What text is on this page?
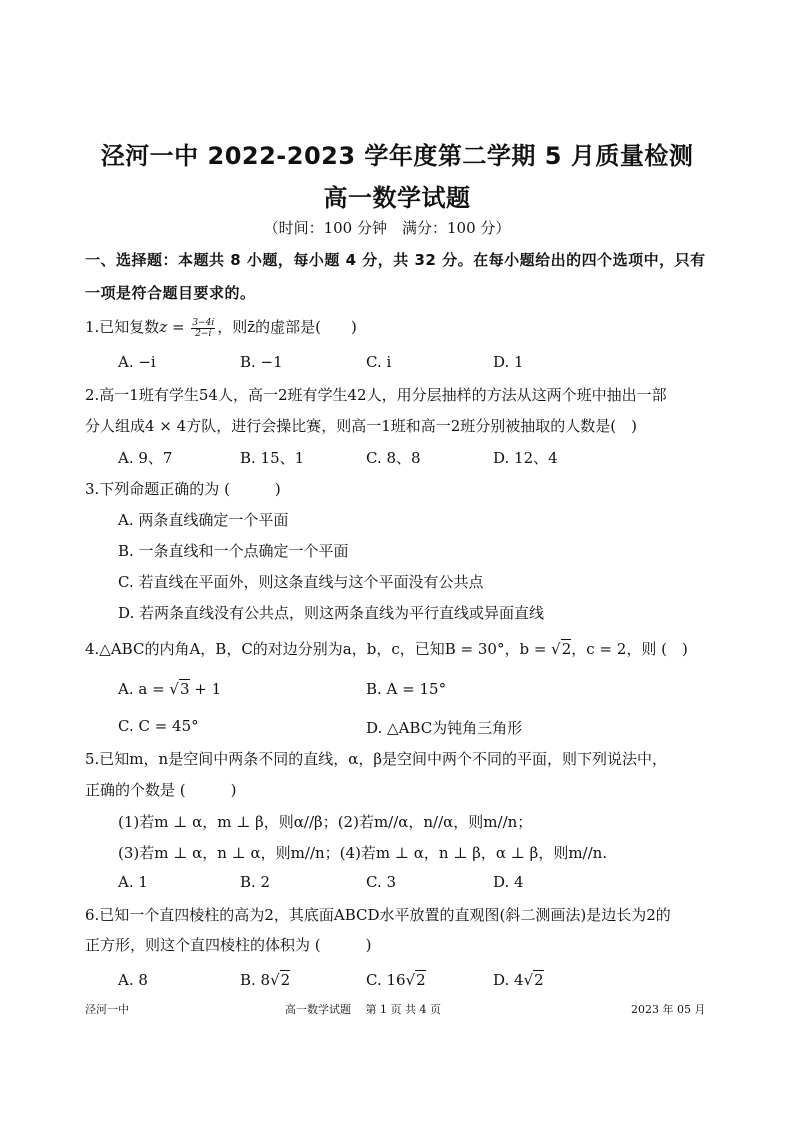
泾河一中 2022-2023 学年度第二学期 5 月质量检测
高一数学试题
（时间：100 分钟　满分：100 分）
一、选择题：本题共 8 小题，每小题 4 分，共 32 分。在每小题给出的四个选项中，只有
一项是符合题目要求的。
1.已知复数$z = \frac{3-4i}{2-i}$ ，则z̄的虚部是(　　)
A. −i	B. −1	C. i	D. 1
2.高一1班有学生54人，高一2班有学生42人，用分层抽样的方法从这两个班中抽出一部
分人组成4 × 4方队，进行会操比赛，则高一1班和高一2班分别被抽取的人数是(　)
A. 9、7	B. 15、1	C. 8、8	D. 12、4
3.下列命题正确的为 (　　　)
A. 两条直线确定一个平面
B. 一条直线和一个点确定一个平面
C. 若直线在平面外，则这条直线与这个平面没有公共点
D. 若两条直线没有公共点，则这两条直线为平行直线或异面直线
4.△ABC的内角A，B，C的对边分别为a，b，c，已知B = 30°，b = √2，c = 2，则 (　)
A. a = √3 + 1	B. A = 15°
C. C = 45°	D. △ABC为钝角三角形
5.已知m，n是空间中两条不同的直线，α，β是空间中两个不同的平面，则下列说法中，
正确的个数是 (　　　)
(1)若m ⊥ α，m ⊥ β，则α//β；(2)若m//α，n//α，则m//n；
(3)若m ⊥ α，n ⊥ α，则m//n；(4)若m ⊥ α，n ⊥ β，α ⊥ β，则m//n.
A. 1	B. 2	C. 3	D. 4
6.已知一个直四棱柱的高为2，其底面ABCD水平放置的直观图(斜二测画法)是边长为2的
正方形，则这个直四棱柱的体积为 (　　　)
A. 8	B. 8√2	C. 16√2	D. 4√2
泾河一中	高一数学试题　 第 1 页 共 4 页	2023 年 05 月
